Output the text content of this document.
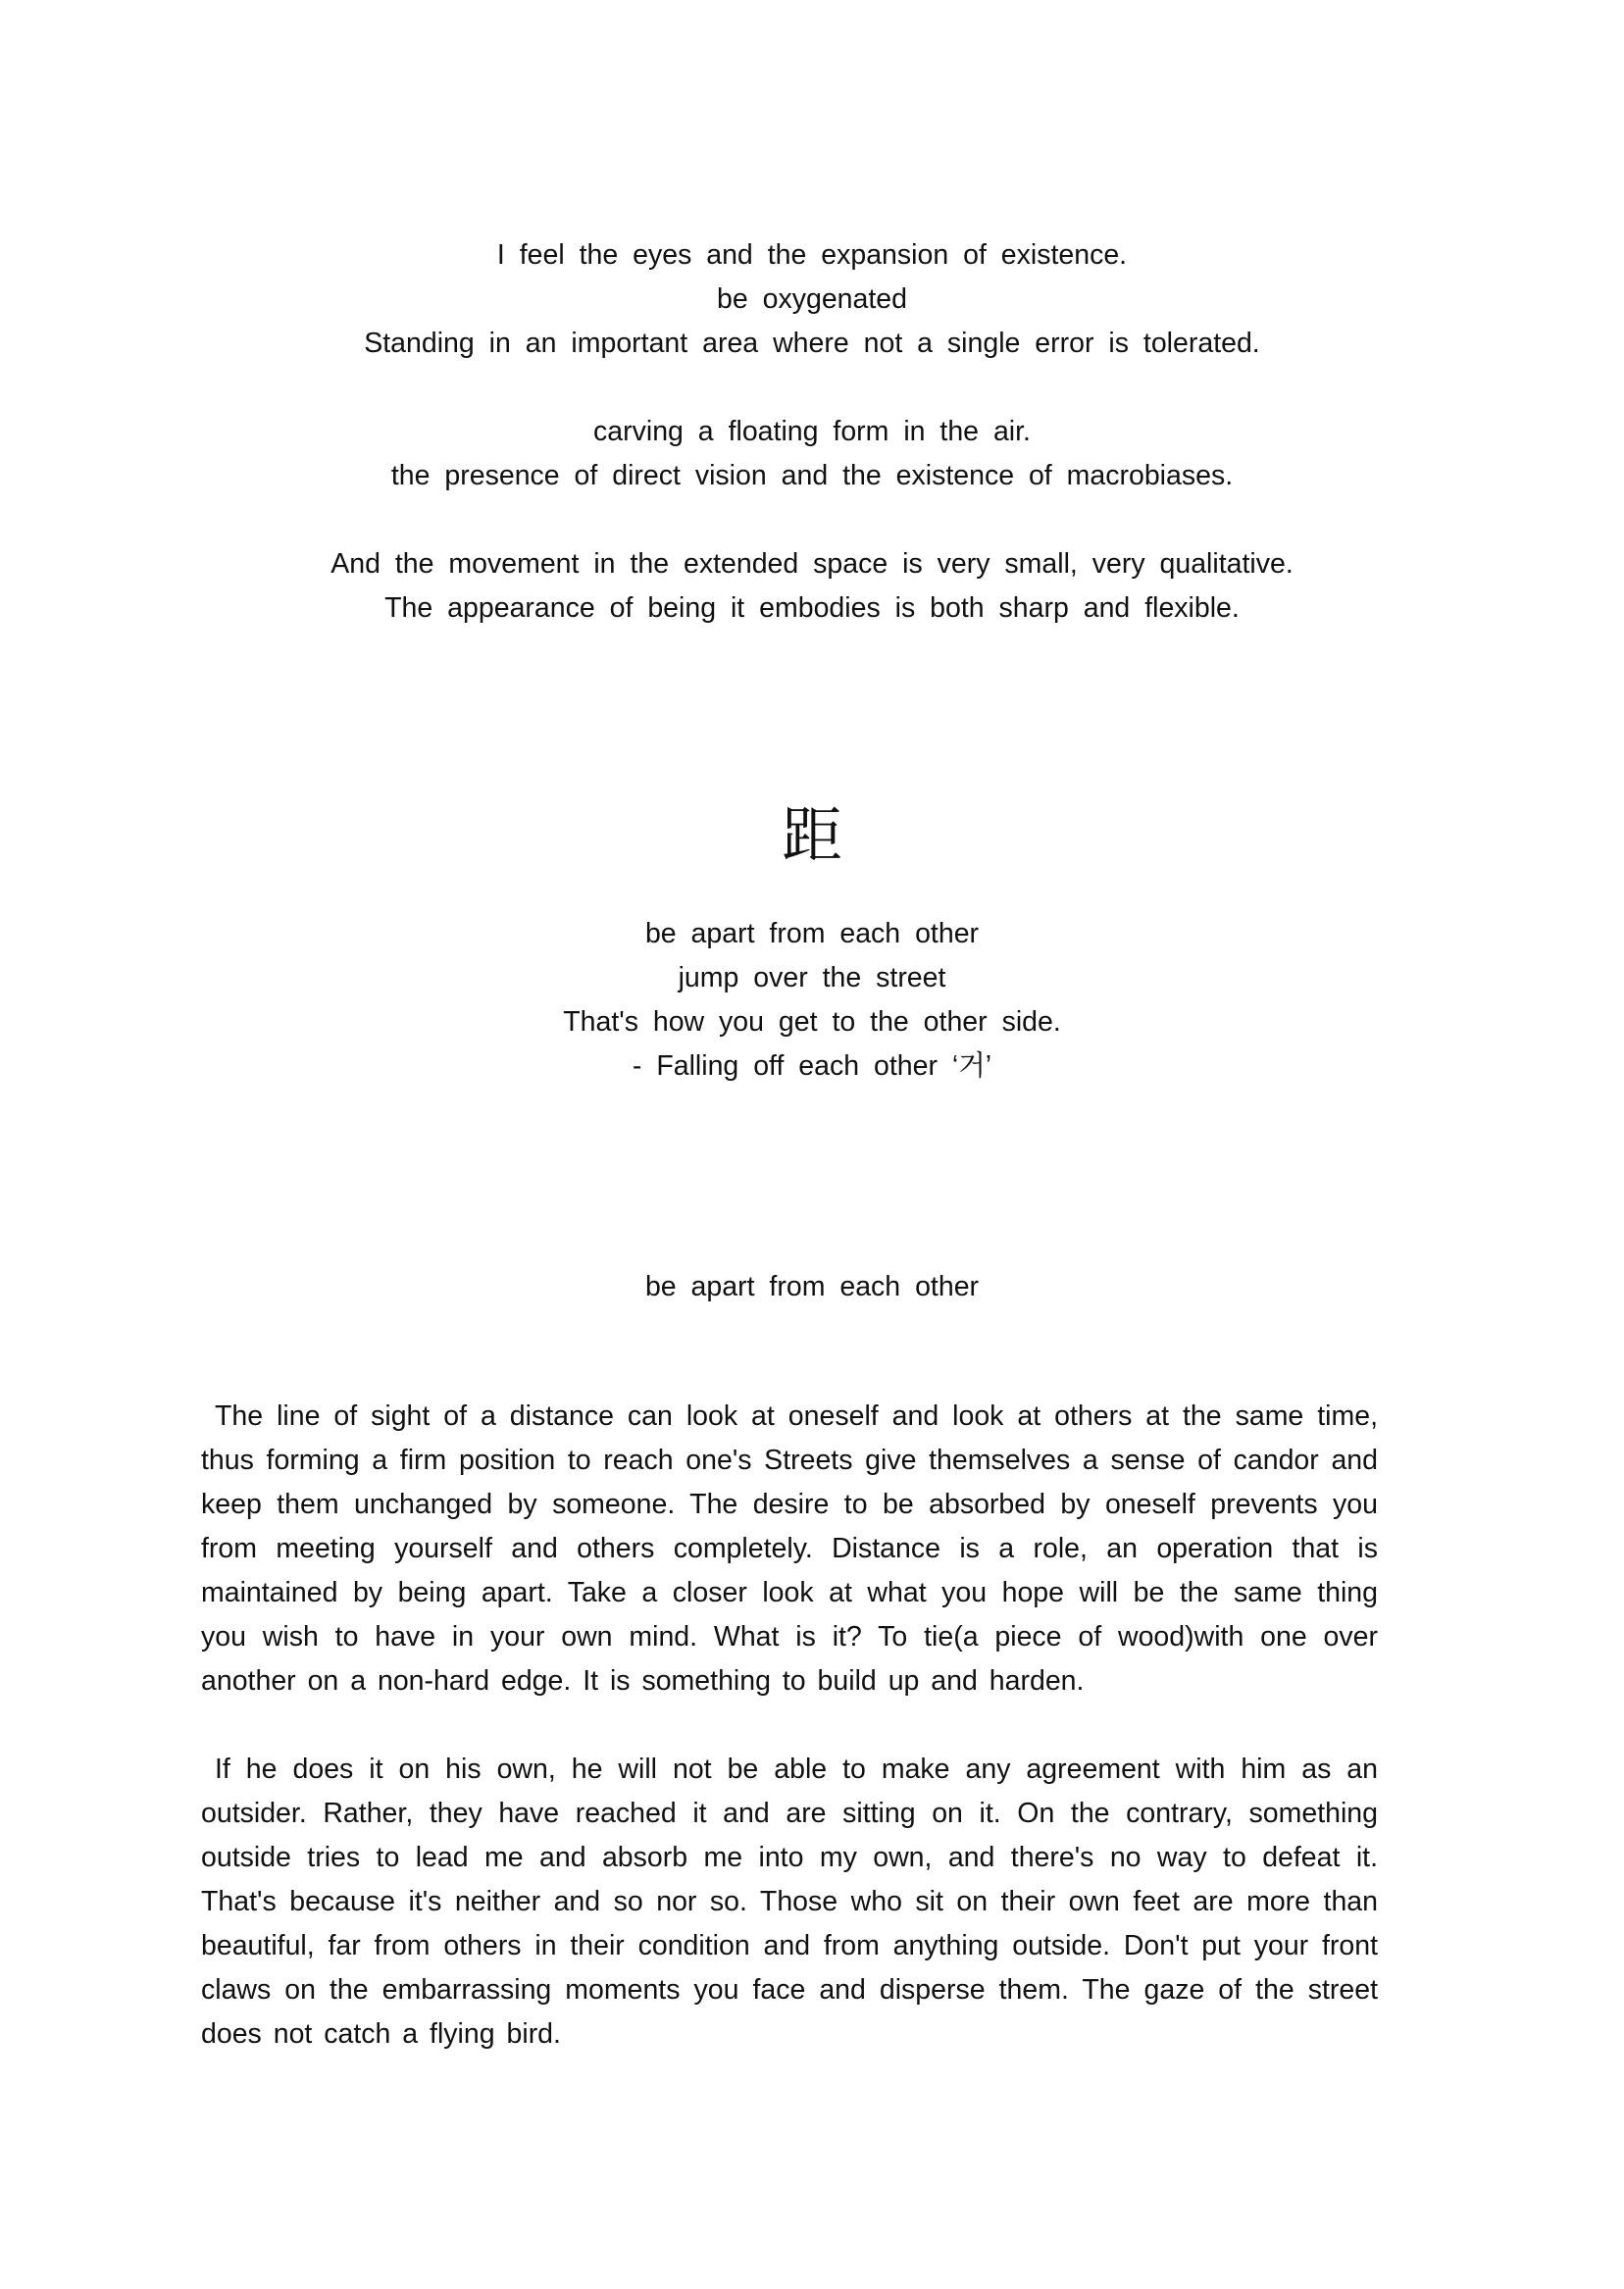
I feel the eyes and the expansion of existence.
be oxygenated
Standing in an important area where not a single error is tolerated.
carving a floating form in the air.
the presence of direct vision and the existence of macrobiases.
And the movement in the extended space is very small, very qualitative.
The appearance of being it embodies is both sharp and flexible.
距
be apart from each other
jump over the street
That's how you get to the other side.
- Falling off each other ‘거’
be apart from each other

The line of sight of a distance can look at oneself and look at others at the same time, thus forming a firm position to reach one's Streets give themselves a sense of candor and keep them unchanged by someone. The desire to be absorbed by oneself prevents you from meeting yourself and others completely. Distance is a role, an operation that is maintained by being apart. Take a closer look at what you hope will be the same thing you wish to have in your own mind. What is it? To tie(a piece of wood)with one over another on a non-hard edge. It is something to build up and harden.

If he does it on his own, he will not be able to make any agreement with him as an outsider. Rather, they have reached it and are sitting on it. On the contrary, something outside tries to lead me and absorb me into my own, and there's no way to defeat it. That's because it's neither and so nor so. Those who sit on their own feet are more than beautiful, far from others in their condition and from anything outside. Don't put your front claws on the embarrassing moments you face and disperse them. The gaze of the street does not catch a flying bird.
